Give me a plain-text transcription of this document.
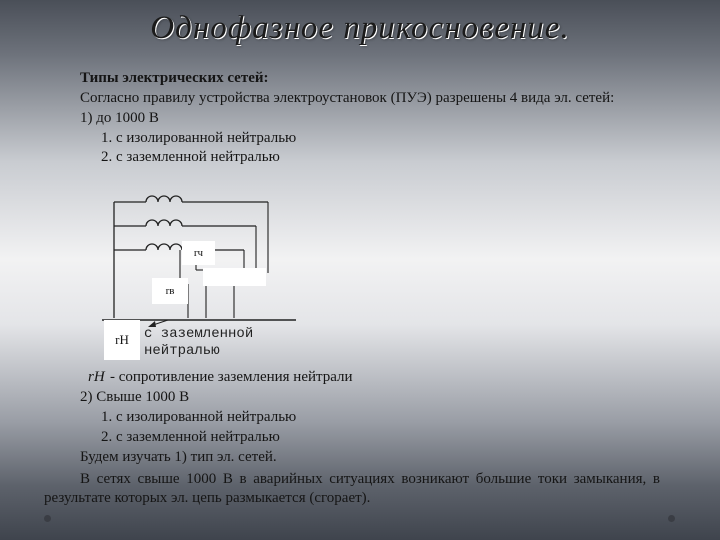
Однофазное прикосновение.
Типы электрических сетей:
Согласно правилу устройства электроустановок (ПУЭ) разрешены 4 вида эл. сетей:
1) до 1000 В
1. с изолированной нейтралью
2. с заземленной нейтралью
rч
rв
rН	с заземленной
нейтралью
rН - сопротивление заземления нейтрали
2) Свыше 1000 В
1. с изолированной нейтралью
2. с заземленной нейтралью
Будем изучать 1) тип эл. сетей.
В сетях свыше 1000 В в аварийных ситуациях возникают большие токи замыкания, в
результате которых эл. цепь размыкается (сгорает).
